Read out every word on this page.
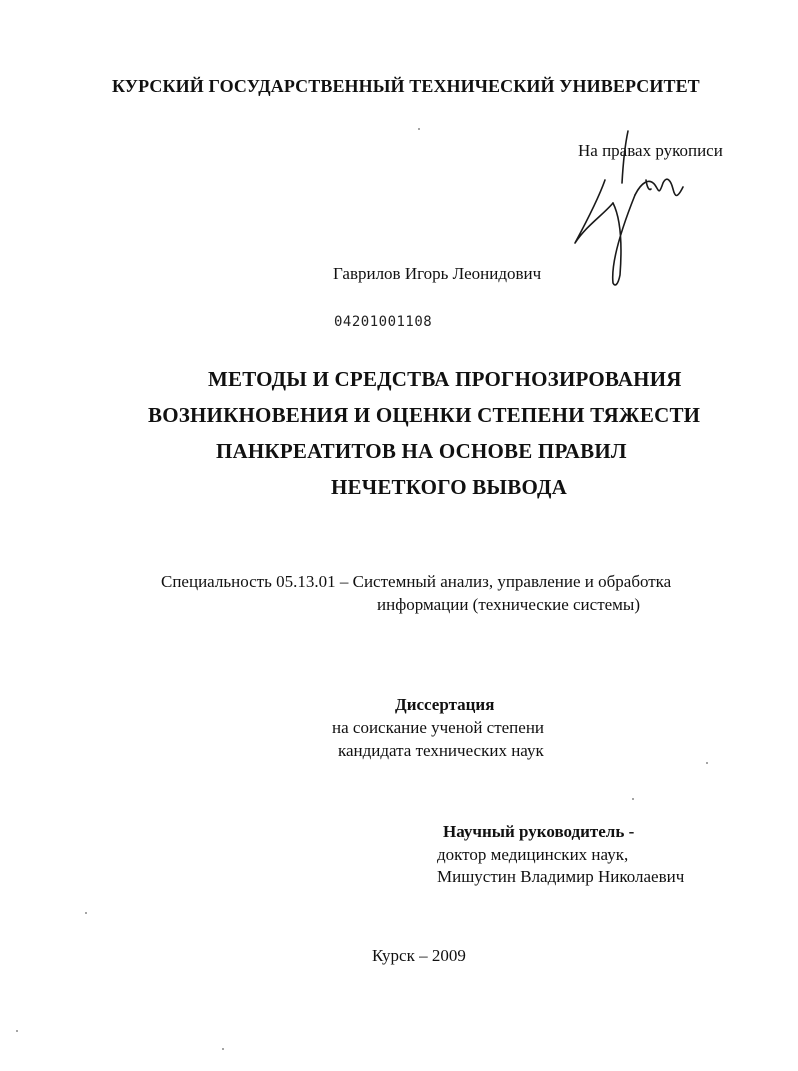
КУРСКИЙ ГОСУДАРСТВЕННЫЙ ТЕХНИЧЕСКИЙ УНИВЕРСИТЕТ
На правах рукописи
Гаврилов Игорь Леонидович
04201001108
МЕТОДЫ И СРЕДСТВА ПРОГНОЗИРОВАНИЯ
ВОЗНИКНОВЕНИЯ И ОЦЕНКИ СТЕПЕНИ ТЯЖЕСТИ
ПАНКРЕАТИТОВ НА ОСНОВЕ ПРАВИЛ
НЕЧЕТКОГО ВЫВОДА
Специальность 05.13.01 – Системный анализ, управление и обработка
информации (технические системы)
Диссертация
на соискание ученой степени
кандидата технических наук
Научный руководитель -
доктор медицинских наук,
Мишустин Владимир Николаевич
Курск – 2009
